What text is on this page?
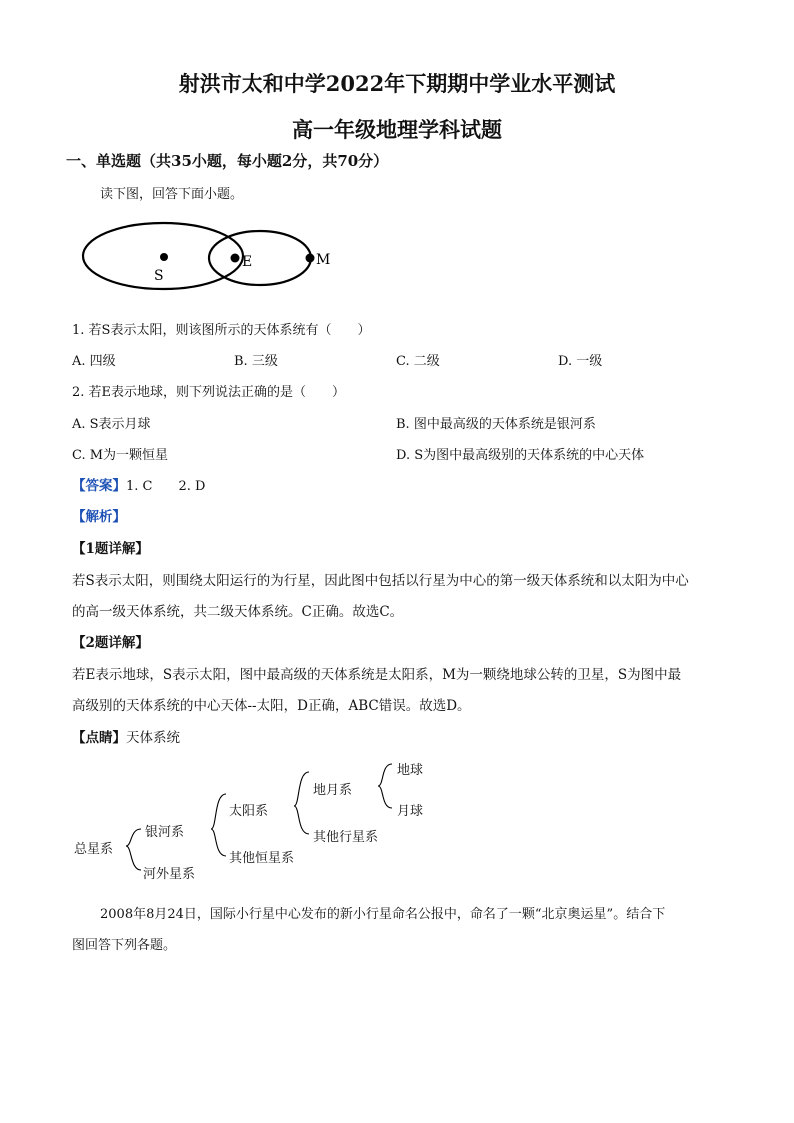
射洪市太和中学2022年下期期中学业水平测试
高一年级地理学科试题
一、单选题（共35小题，每小题2分，共70分）
读下图，回答下面小题。
S
E	M
1. 若S表示太阳，则该图所示的天体系统有（　　）
A. 四级	B. 三级	C. 二级	D. 一级
2. 若E表示地球，则下列说法正确的是（　　）
A. S表示月球	B. 图中最高级的天体系统是银河系
C. M为一颗恒星	D. S为图中最高级别的天体系统的中心天体
【答案】1. C　　2. D
【解析】
【1题详解】
若S表示太阳，则围绕太阳运行的为行星，因此图中包括以行星为中心的第一级天体系统和以太阳为中心
的高一级天体系统，共二级天体系统。C正确。故选C。
【2题详解】
若E表示地球，S表示太阳，图中最高级的天体系统是太阳系，M为一颗绕地球公转的卫星，S为图中最
高级别的天体系统的中心天体--太阳，D正确，ABC错误。故选D。
【点睛】天体系统
总星系
银河系
河外星系
太阳系
其他恒星系
地月系
其他行星系
地球
月球
2008年8月24日，国际小行星中心发布的新小行星命名公报中，命名了一颗“北京奥运星”。结合下
图回答下列各题。
